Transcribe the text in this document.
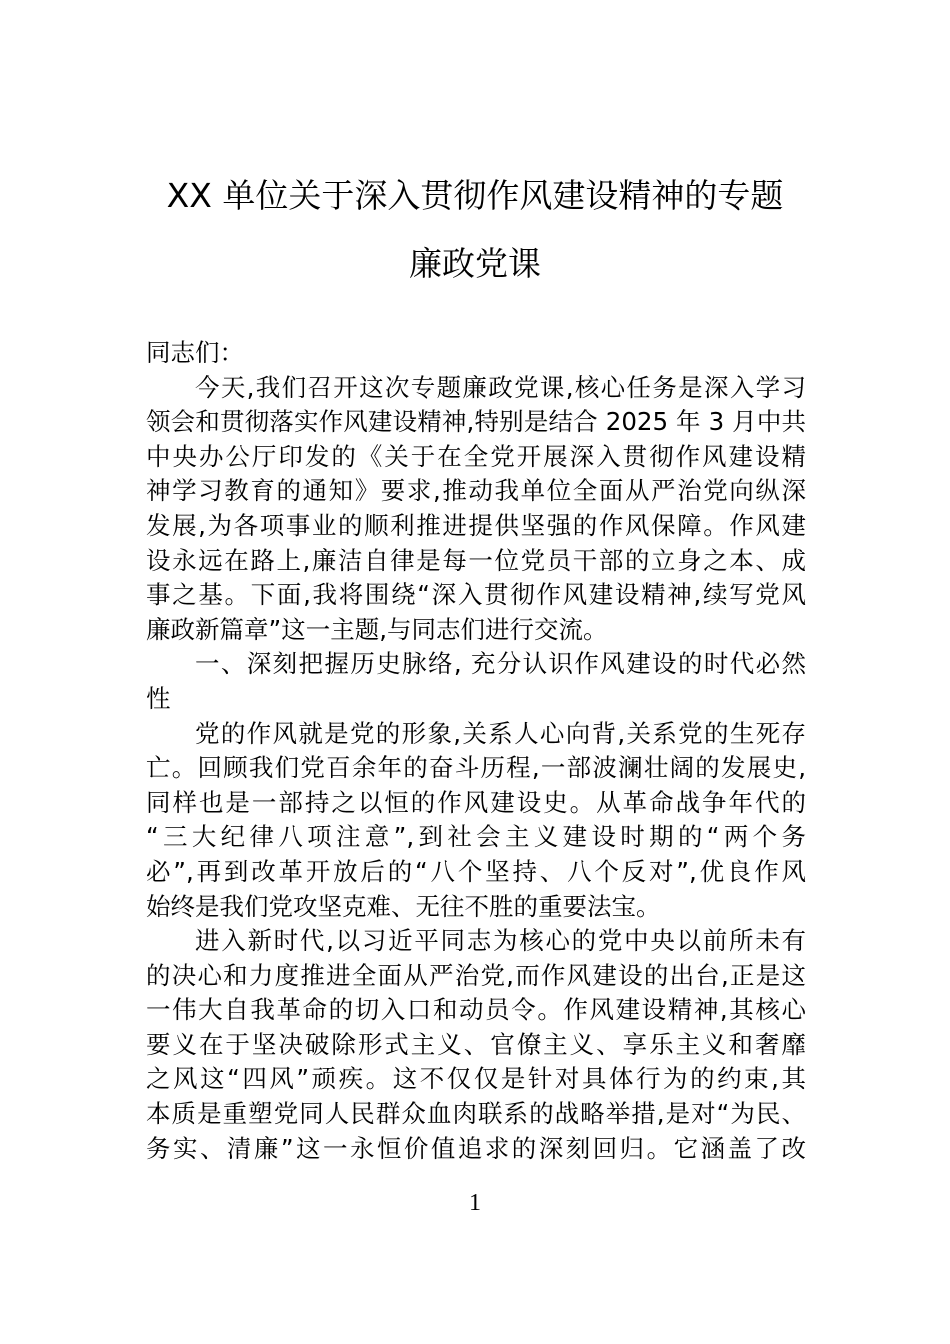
XX 单位关于深入贯彻作风建设精神的专题
廉政党课
同志们：
今天,我们召开这次专题廉政党课,核心任务是深入学习
领会和贯彻落实作风建设精神,特别是结合 2025 年 3 月中共
中央办公厅印发的《关于在全党开展深入贯彻作风建设精
神学习教育的通知》要求,推动我单位全面从严治党向纵深
发展,为各项事业的顺利推进提供坚强的作风保障。作风建
设永远在路上,廉洁自律是每一位党员干部的立身之本、成
事之基。下面,我将围绕“深入贯彻作风建设精神,续写党风
廉政新篇章”这一主题,与同志们进行交流。
一、深刻把握历史脉络, 充分认识作风建设的时代必然
性
党的作风就是党的形象,关系人心向背,关系党的生死存
亡。回顾我们党百余年的奋斗历程,一部波澜壮阔的发展史,
同样也是一部持之以恒的作风建设史。从革命战争年代的
“三大纪律八项注意”,到社会主义建设时期的“两个务
必”,再到改革开放后的“八个坚持、八个反对”,优良作风
始终是我们党攻坚克难、无往不胜的重要法宝。
进入新时代,以习近平同志为核心的党中央以前所未有
的决心和力度推进全面从严治党,而作风建设的出台,正是这
一伟大自我革命的切入口和动员令。作风建设精神,其核心
要义在于坚决破除形式主义、官僚主义、享乐主义和奢靡
之风这“四风”顽疾。这不仅仅是针对具体行为的约束,其
本质是重塑党同人民群众血肉联系的战略举措,是对“为民、
务实、清廉”这一永恒价值追求的深刻回归。它涵盖了改
1
